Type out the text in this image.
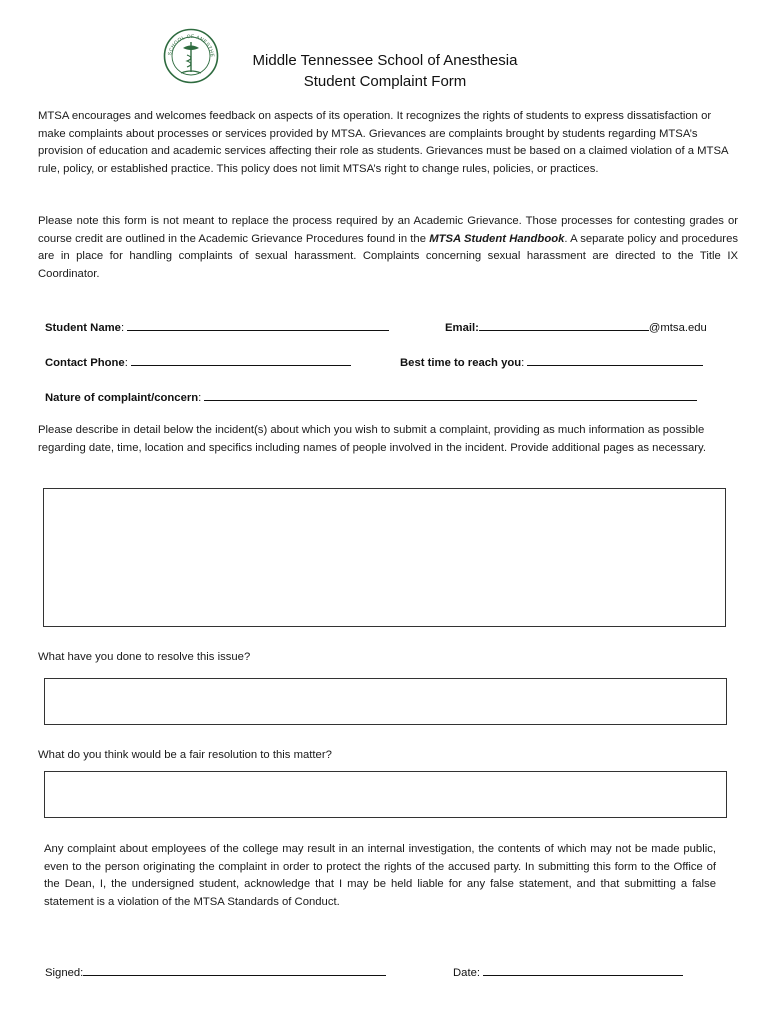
SCHOOL OF ANESTHE	Middle Tennessee School of Anesthesia
Student Complaint Form
MTSA encourages and welcomes feedback on aspects of its operation. It recognizes the rights of students to express dissatisfaction or make complaints about processes or services provided by MTSA. Grievances are complaints brought by students regarding MTSA’s provision of education and academic services affecting their role as students. Grievances must be based on a claimed violation of a MTSA rule, policy, or established practice. This policy does not limit MTSA’s right to change rules, policies, or practices.
Please note this form is not meant to replace the process required by an Academic Grievance. Those processes for contesting grades or course credit are outlined in the Academic Grievance Procedures found in the MTSA Student Handbook. A separate policy and procedures are in place for handling complaints of sexual harassment. Complaints concerning sexual harassment are directed to the Title IX Coordinator.
Student Name:	Email:	@mtsa.edu
Contact Phone:	Best time to reach you:
Nature of complaint/concern:
Please describe in detail below the incident(s) about which you wish to submit a complaint, providing as much information as possible regarding date, time, location and specifics including names of people involved in the incident. Provide additional pages as necessary.
What have you done to resolve this issue?
What do you think would be a fair resolution to this matter?
Any complaint about employees of the college may result in an internal investigation, the contents of which may not be made public, even to the person originating the complaint in order to protect the rights of the accused party. In submitting this form to the Office of the Dean, I, the undersigned student, acknowledge that I may be held liable for any false statement, and that submitting a false statement is a violation of the MTSA Standards of Conduct.
Signed:	Date:
